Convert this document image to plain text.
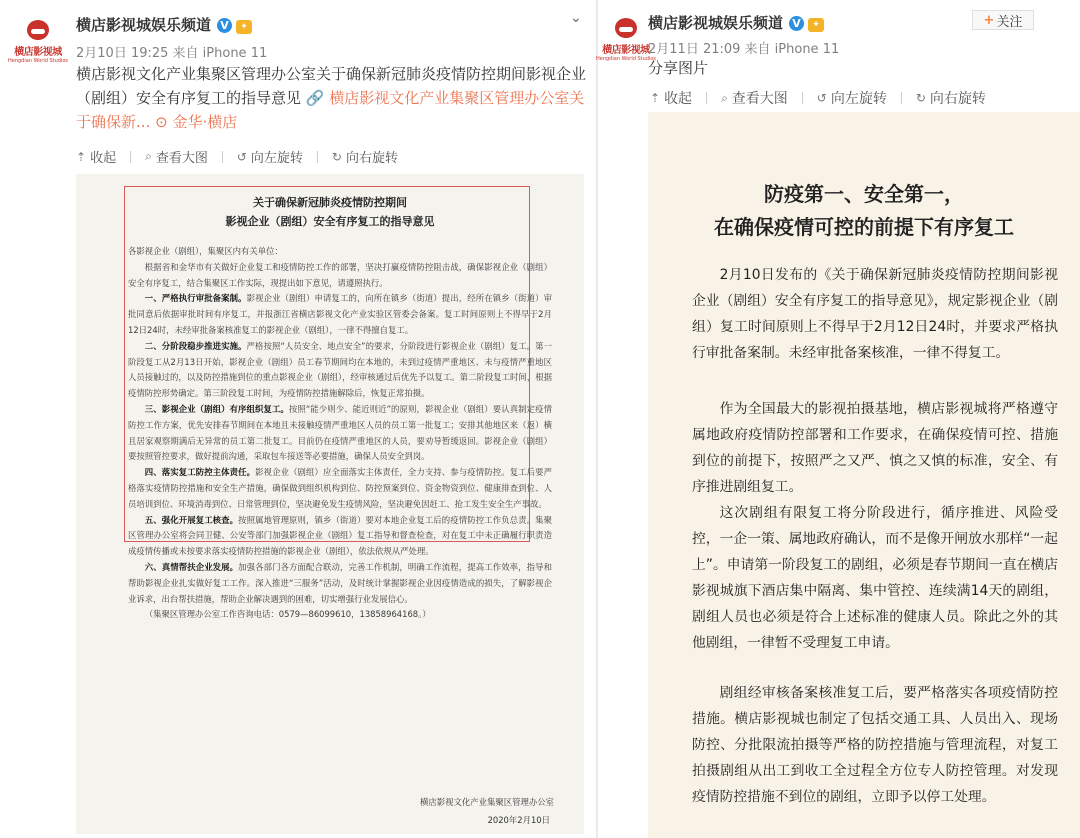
横店影视城
Hengdian World Studios
横店影视城娱乐频道 V ✦
⌄
2月10日 19:25 来自 iPhone 11
横店影视文化产业集聚区管理办公室关于确保新冠肺炎疫情防控期间影视企业（剧组）安全有序复工的指导意见 🔗 横店影视文化产业集聚区管理办公室关于确保新... ⊙ 金华·横店
⇡ 收起 ⌕ 查看大图 ↺ 向左旋转 ↻ 向右旋转
关于确保新冠肺炎疫情防控期间
影视企业（剧组）安全有序复工的指导意见

各影视企业（剧组），集聚区内有关单位：

根据省和金华市有关做好企业复工和疫情防控工作的部署，坚决打赢疫情防控阻击战，确保影视企业（剧组）安全有序复工，结合集聚区工作实际，现提出如下意见，请遵照执行。

一、严格执行审批备案制。影视企业（剧组）申请复工的，向所在镇乡（街道）提出，经所在镇乡（街道）审批同意后依据审批时间有序复工，并报浙江省横店影视文化产业实验区管委会备案。复工时间原则上不得早于2月12日24时，未经审批备案核准复工的影视企业（剧组），一律不得擅自复工。

二、分阶段稳步推进实施。严格按照“人员安全、地点安全”的要求，分阶段进行影视企业（剧组）复工。第一阶段复工从2月13日开始，影视企业（剧组）员工春节期间均在本地的，未到过疫情严重地区、未与疫情严重地区人员接触过的，以及防控措施到位的重点影视企业（剧组），经审核通过后优先予以复工。第二阶段复工时间，根据疫情防控形势确定。第三阶段复工时间，为疫情防控措施解除后，恢复正常拍摄。

三、影视企业（剧组）有序组织复工。按照“能少则少、能近则近”的原则，影视企业（剧组）要认真制定疫情防控工作方案，优先安排春节期间在本地且未接触疫情严重地区人员的员工第一批复工；安排其他地区来（返）横且居家观察期满后无异常的员工第二批复工。目前仍在疫情严重地区的人员，要劝导暂缓返回。影视企业（剧组）要按照管控要求，做好提前沟通，采取包车接送等必要措施，确保人员安全到岗。

四、落实复工防控主体责任。影视企业（剧组）应全面落实主体责任，全力支持、参与疫情防控。复工后要严格落实疫情防控措施和安全生产措施，确保做到组织机构到位、防控预案到位、资金物资到位、健康排查到位、人员培训到位、环境消毒到位、日常管理到位，坚决避免发生疫情风险，坚决避免因赶工、抢工发生安全生产事故。

五、强化开展复工核查。按照属地管理原则，镇乡（街道）要对本地企业复工后的疫情防控工作负总责。集聚区管理办公室将会同卫健、公安等部门加强影视企业（剧组）复工指导和督查检查，对在复工中未正确履行职责造成疫情传播或未按要求落实疫情防控措施的影视企业（剧组），依法依规从严处理。

六、真情帮扶企业发展。加强各部门各方面配合联动，完善工作机制，明确工作流程，提高工作效率，指导和帮助影视企业扎实做好复工工作。深入推进“三服务”活动，及时统计掌握影视企业因疫情造成的损失，了解影视企业诉求，出台帮扶措施，帮助企业解决遇到的困难，切实增强行业发展信心。

（集聚区管理办公室工作咨询电话：0579—86099610，13858964168。）

横店影视文化产业集聚区管理办公室
2020年2月10日
横店影视城
Hengdian World Studios
横店影视城娱乐频道 V ✦
2月11日 21:09 来自 iPhone 11
分享图片
⇡ 收起 ⌕ 查看大图 ↺ 向左旋转 ↻ 向右旋转
+ 关注
防疫第一、安全第一，
在确保疫情可控的前提下有序复工
2月10日发布的《关于确保新冠肺炎疫情防控期间影视企业（剧组）安全有序复工的指导意见》，规定影视企业（剧组）复工时间原则上不得早于2月12日24时，并要求严格执行审批备案制。未经审批备案核准，一律不得复工。
作为全国最大的影视拍摄基地，横店影视城将严格遵守属地政府疫情防控部署和工作要求，在确保疫情可控、措施到位的前提下，按照严之又严、慎之又慎的标准，安全、有序推进剧组复工。
这次剧组有限复工将分阶段进行，循序推进、风险受控，一企一策、属地政府确认，而不是像开闸放水那样“一起上”。申请第一阶段复工的剧组，必须是春节期间一直在横店影视城旗下酒店集中隔离、集中管控、连续满14天的剧组，剧组人员也必须是符合上述标准的健康人员。除此之外的其他剧组，一律暂不受理复工申请。
剧组经审核备案核准复工后，要严格落实各项疫情防控措施。横店影视城也制定了包括交通工具、人员出入、现场防控、分批限流拍摄等严格的防控措施与管理流程，对复工拍摄剧组从出工到收工全过程全方位专人防控管理。对发现疫情防控措施不到位的剧组，立即予以停工处理。
